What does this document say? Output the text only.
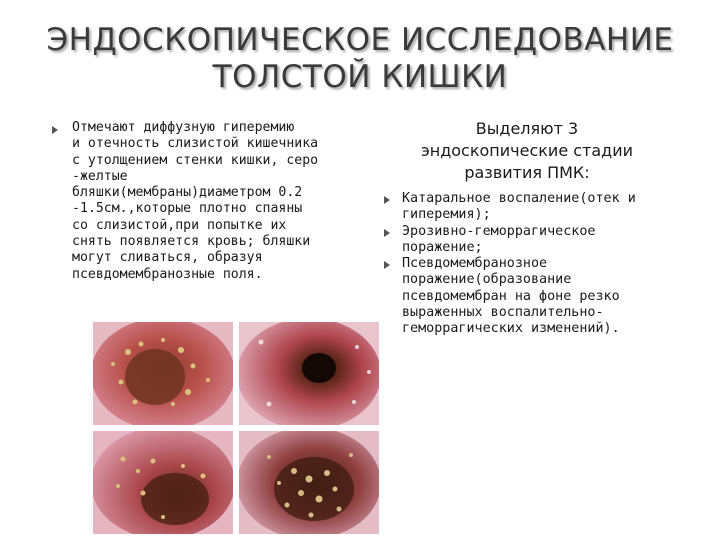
ЭНДОСКОПИЧЕСКОЕ ИССЛЕДОВАНИЕ
ТОЛСТОЙ КИШКИ
Отмечают диффузную гиперемию
и отечность слизистой кишечника
с утолщением стенки кишки, серо
-желтые
бляшки(мембраны)диаметром 0.2
-1.5см.,которые плотно спаяны
со слизистой,при попытке их
снять появляется кровь; бляшки
могут сливаться, образуя
псевдомембранозные поля.
Выделяют 3
эндоскопические стадии
развития ПМК:
Катаральное воспаление(отек и
гиперемия);
Эрозивно-геморрагическое
поражение;
Псевдомембранозное
поражение(образование
псевдомембран на фоне резко
выраженных воспалительно-
геморрагических изменений).
